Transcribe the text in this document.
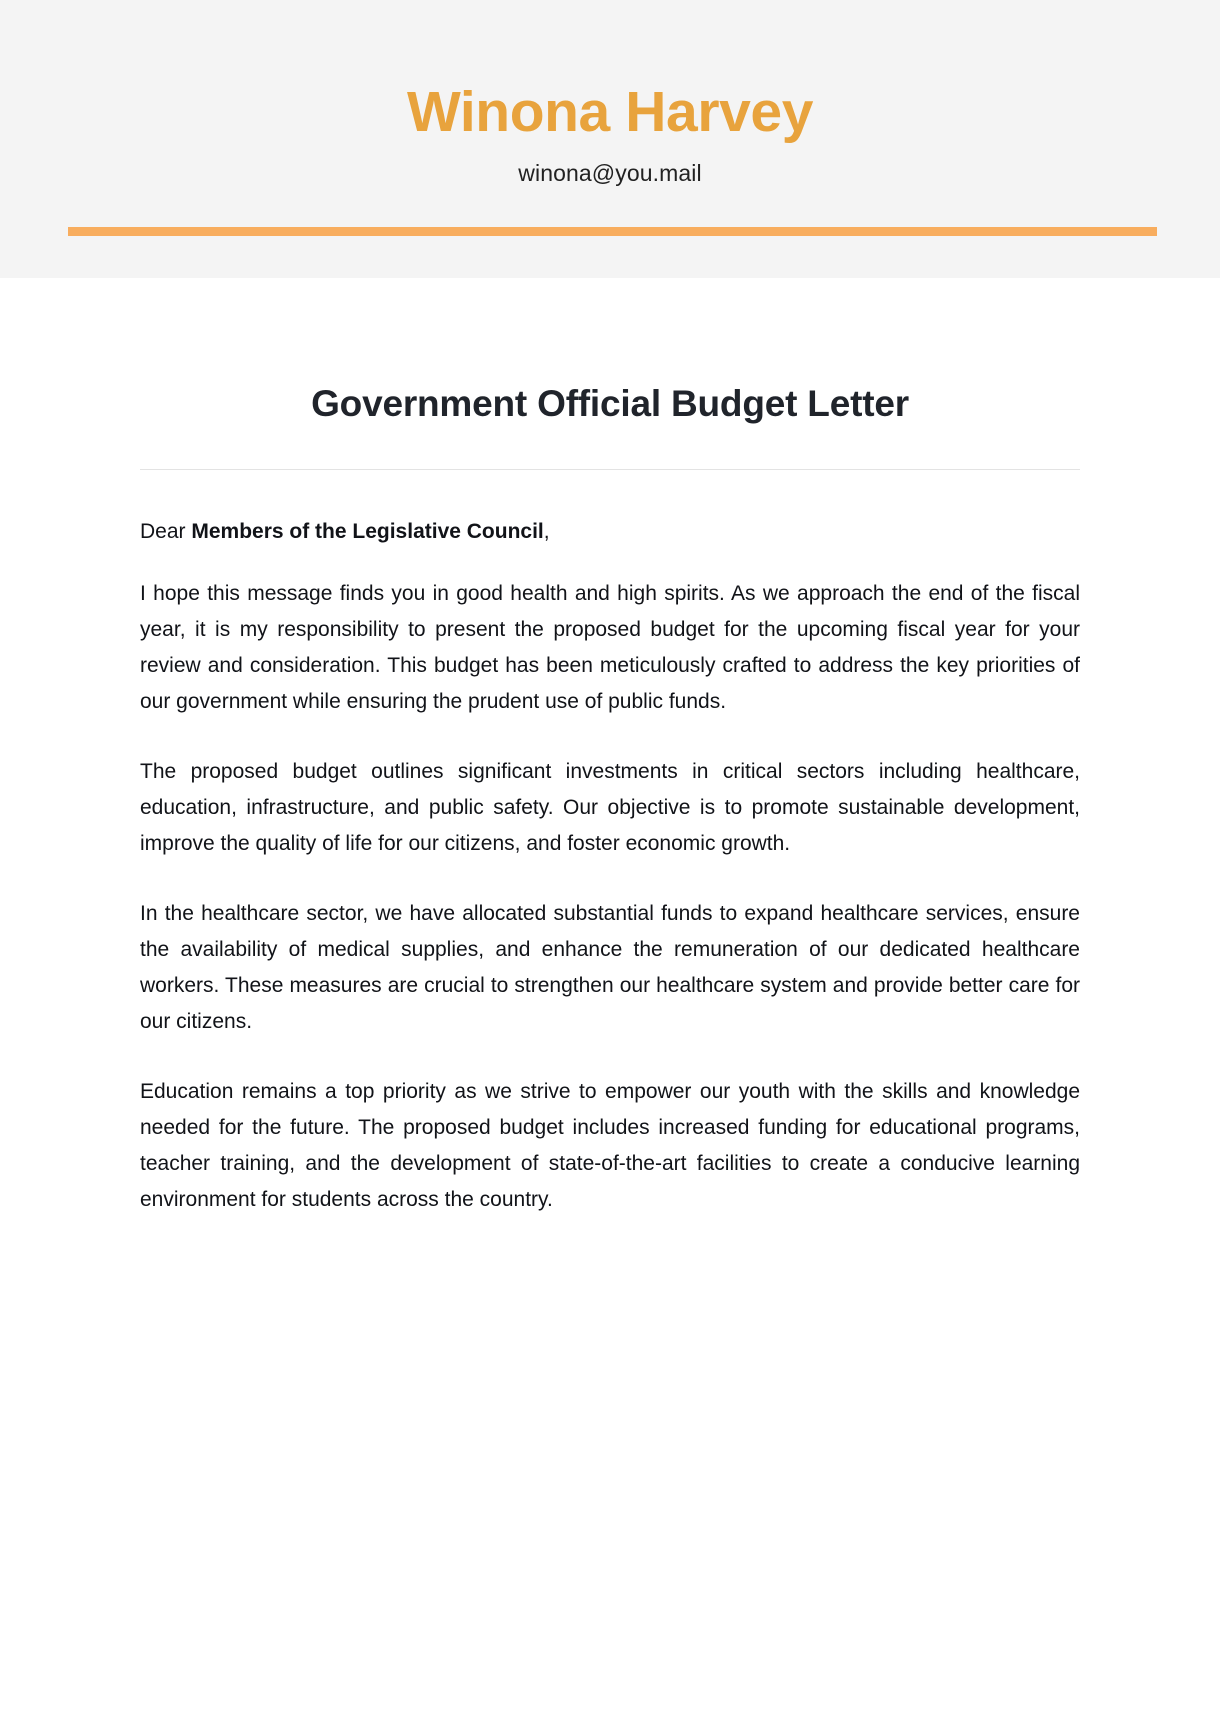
Winona Harvey

winona@you.mail

Government Official Budget Letter

Dear Members of the Legislative Council,

I hope this message finds you in good health and high spirits. As we approach the end of the fiscal year, it is my responsibility to present the proposed budget for the upcoming fiscal year for your review and consideration. This budget has been meticulously crafted to address the key priorities of our government while ensuring the prudent use of public funds.

The proposed budget outlines significant investments in critical sectors including healthcare, education, infrastructure, and public safety. Our objective is to promote sustainable development, improve the quality of life for our citizens, and foster economic growth.

In the healthcare sector, we have allocated substantial funds to expand healthcare services, ensure the availability of medical supplies, and enhance the remuneration of our dedicated healthcare workers. These measures are crucial to strengthen our healthcare system and provide better care for our citizens.

Education remains a top priority as we strive to empower our youth with the skills and knowledge needed for the future. The proposed budget includes increased funding for educational programs, teacher training, and the development of state-of-the-art facilities to create a conducive learning environment for students across the country.
